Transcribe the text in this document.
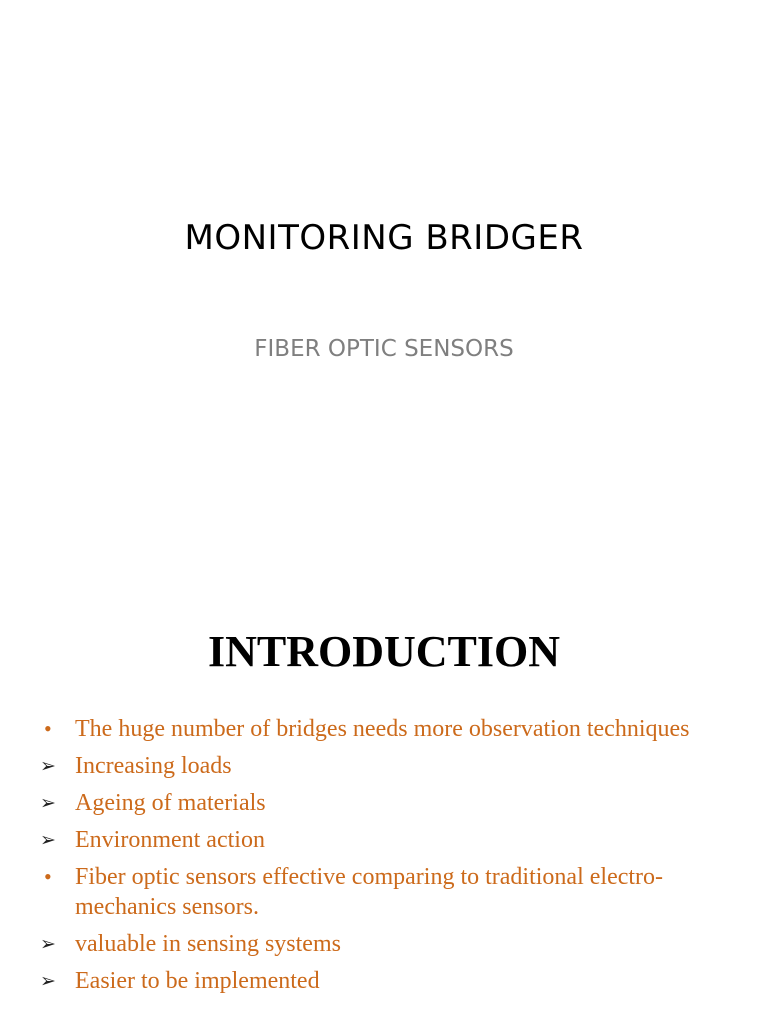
MONITORING BRIDGER
FIBER OPTIC SENSORS
INTRODUCTION
• The huge number of bridges needs more observation techniques
➢ Increasing loads
➢ Ageing of materials
➢ Environment action
• Fiber optic sensors effective comparing to traditional electro-mechanics sensors.
➢ valuable in sensing systems
➢ Easier to be implemented
